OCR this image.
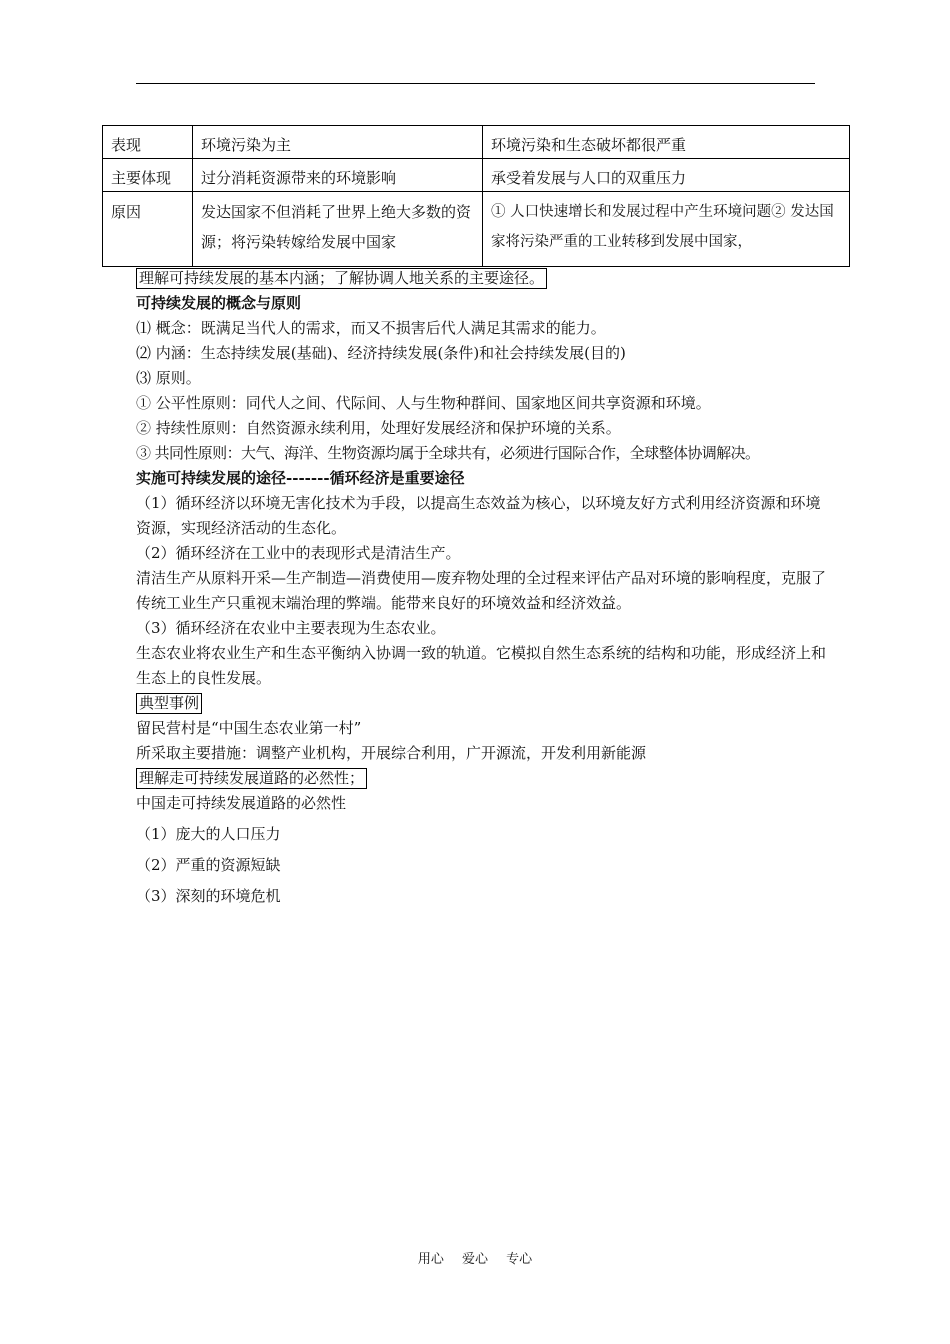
表现	环境污染为主	环境污染和生态破坏都很严重
主要体现	过分消耗资源带来的环境影响	承受着发展与人口的双重压力
原因	发达国家不但消耗了世界上绝大多数的资源；将污染转嫁给发展中国家	① 人口快速增长和发展过程中产生环境问题② 发达国家将污染严重的工业转移到发展中国家，

理解可持续发展的基本内涵；了解协调人地关系的主要途径。

可持续发展的概念与原则

⑴ 概念：既满足当代人的需求，而又不损害后代人满足其需求的能力。

⑵ 内涵：生态持续发展(基础)、经济持续发展(条件)和社会持续发展(目的)

⑶ 原则。

① 公平性原则：同代人之间、代际间、人与生物种群间、国家地区间共享资源和环境。

② 持续性原则：自然资源永续利用，处理好发展经济和保护环境的关系。

③ 共同性原则：大气、海洋、生物资源均属于全球共有，必须进行国际合作，全球整体协调解决。

实施可持续发展的途径-------循环经济是重要途径

（1）循环经济以环境无害化技术为手段，以提高生态效益为核心，以环境友好方式利用经济资源和环境资源，实现经济活动的生态化。

（2）循环经济在工业中的表现形式是清洁生产。

清洁生产从原料开采—生产制造—消费使用—废弃物处理的全过程来评估产品对环境的影响程度，克服了传统工业生产只重视末端治理的弊端。能带来良好的环境效益和经济效益。

（3）循环经济在农业中主要表现为生态农业。

生态农业将农业生产和生态平衡纳入协调一致的轨道。它模拟自然生态系统的结构和功能，形成经济上和生态上的良性发展。

典型事例

留民营村是“中国生态农业第一村”

所采取主要措施：调整产业机构，开展综合利用，广开源流，开发利用新能源

理解走可持续发展道路的必然性；

中国走可持续发展道路的必然性

（1）庞大的人口压力

（2）严重的资源短缺

（3）深刻的环境危机

用心 爱心 专心
